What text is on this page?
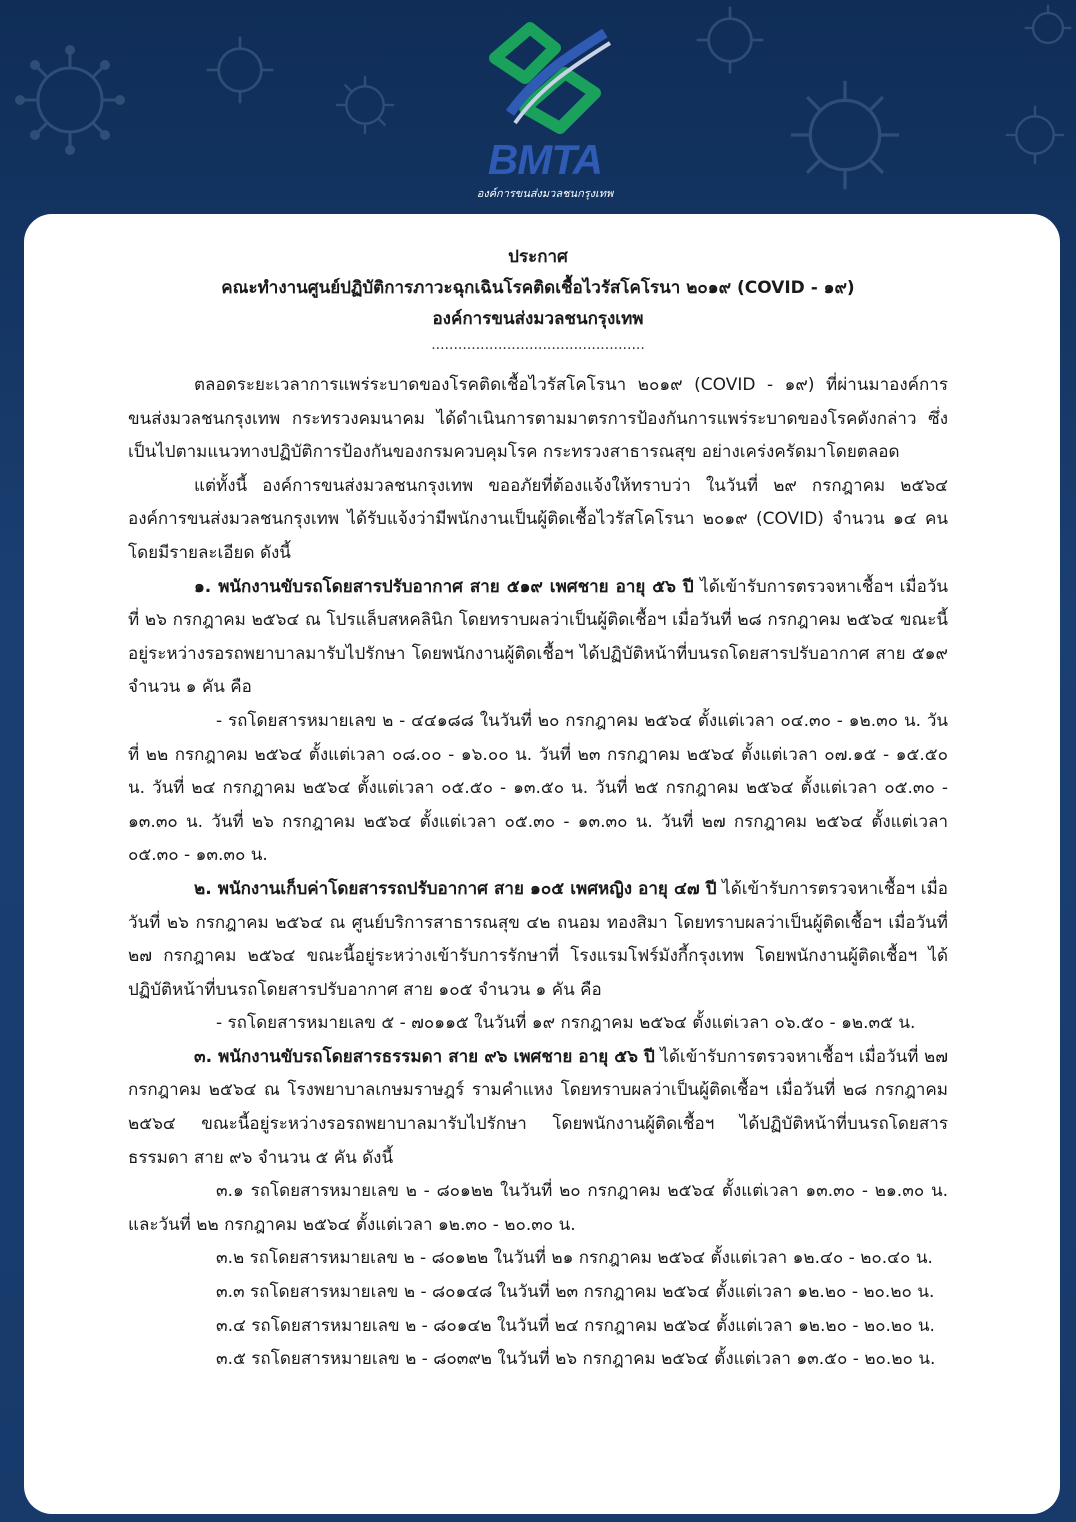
BMTA
องค์การขนส่งมวลชนกรุงเทพ
ประกาศ
คณะทำงานศูนย์ปฏิบัติการภาวะฉุกเฉินโรคติดเชื้อไวรัสโคโรนา ๒๐๑๙ (COVID - ๑๙)
องค์การขนส่งมวลชนกรุงเทพ
................................................

ตลอดระยะเวลาการแพร่ระบาดของโรคติดเชื้อไวรัสโคโรนา ๒๐๑๙ (COVID - ๑๙) ที่ผ่านมาองค์การขนส่งมวลชนกรุงเทพ กระทรวงคมนาคม ได้ดำเนินการตามมาตรการป้องกันการแพร่ระบาดของโรคดังกล่าว ซึ่งเป็นไปตามแนวทางปฏิบัติการป้องกันของกรมควบคุมโรค กระทรวงสาธารณสุข อย่างเคร่งครัดมาโดยตลอด

แต่ทั้งนี้ องค์การขนส่งมวลชนกรุงเทพ ขออภัยที่ต้องแจ้งให้ทราบว่า ในวันที่ ๒๙ กรกฎาคม ๒๕๖๔ องค์การขนส่งมวลชนกรุงเทพ ได้รับแจ้งว่ามีพนักงานเป็นผู้ติดเชื้อไวรัสโคโรนา ๒๐๑๙ (COVID) จำนวน ๑๔ คน โดยมีรายละเอียด ดังนี้

๑. พนักงานขับรถโดยสารปรับอากาศ สาย ๕๑๙ เพศชาย อายุ ๕๖ ปี ได้เข้ารับการตรวจหาเชื้อฯ เมื่อวันที่ ๒๖ กรกฎาคม ๒๕๖๔ ณ โปรแล็บสหคลินิก โดยทราบผลว่าเป็นผู้ติดเชื้อฯ เมื่อวันที่ ๒๘ กรกฎาคม ๒๕๖๔ ขณะนี้อยู่ระหว่างรอรถพยาบาลมารับไปรักษา โดยพนักงานผู้ติดเชื้อฯ ได้ปฏิบัติหน้าที่บนรถโดยสารปรับอากาศ สาย ๕๑๙ จำนวน ๑ คัน คือ

- รถโดยสารหมายเลข ๒ - ๔๔๑๘๘ ในวันที่ ๒๐ กรกฎาคม ๒๕๖๔ ตั้งแต่เวลา ๐๔.๓๐ - ๑๒.๓๐ น. วันที่ ๒๒ กรกฎาคม ๒๕๖๔ ตั้งแต่เวลา ๐๘.๐๐ - ๑๖.๐๐ น. วันที่ ๒๓ กรกฎาคม ๒๕๖๔ ตั้งแต่เวลา ๐๗.๑๕ - ๑๕.๕๐ น. วันที่ ๒๔ กรกฎาคม ๒๕๖๔ ตั้งแต่เวลา ๐๕.๕๐ - ๑๓.๕๐ น. วันที่ ๒๕ กรกฎาคม ๒๕๖๔ ตั้งแต่เวลา ๐๕.๓๐ - ๑๓.๓๐ น. วันที่ ๒๖ กรกฎาคม ๒๕๖๔ ตั้งแต่เวลา ๐๕.๓๐ - ๑๓.๓๐ น. วันที่ ๒๗ กรกฎาคม ๒๕๖๔ ตั้งแต่เวลา ๐๕.๓๐ - ๑๓.๓๐ น.

๒. พนักงานเก็บค่าโดยสารรถปรับอากาศ สาย ๑๐๕ เพศหญิง อายุ ๔๗ ปี ได้เข้ารับการตรวจหาเชื้อฯ เมื่อวันที่ ๒๖ กรกฎาคม ๒๕๖๔ ณ ศูนย์บริการสาธารณสุข ๔๒ ถนอม ทองสิมา โดยทราบผลว่าเป็นผู้ติดเชื้อฯ เมื่อวันที่ ๒๗ กรกฎาคม ๒๕๖๔ ขณะนี้อยู่ระหว่างเข้ารับการรักษาที่ โรงแรมโฟร์มังกี้กรุงเทพ โดยพนักงานผู้ติดเชื้อฯ ได้ปฏิบัติหน้าที่บนรถโดยสารปรับอากาศ สาย ๑๐๕ จำนวน ๑ คัน คือ

- รถโดยสารหมายเลข ๕ - ๗๐๑๑๕ ในวันที่ ๑๙ กรกฎาคม ๒๕๖๔ ตั้งแต่เวลา ๐๖.๕๐ - ๑๒.๓๕ น.

๓. พนักงานขับรถโดยสารธรรมดา สาย ๙๖ เพศชาย อายุ ๕๖ ปี ได้เข้ารับการตรวจหาเชื้อฯ เมื่อวันที่ ๒๗ กรกฎาคม ๒๕๖๔ ณ โรงพยาบาลเกษมราษฎร์ รามคำแหง โดยทราบผลว่าเป็นผู้ติดเชื้อฯ เมื่อวันที่ ๒๘ กรกฎาคม ๒๕๖๔ ขณะนี้อยู่ระหว่างรอรถพยาบาลมารับไปรักษา โดยพนักงานผู้ติดเชื้อฯ ได้ปฏิบัติหน้าที่บนรถโดยสารธรรมดา สาย ๙๖ จำนวน ๕ คัน ดังนี้

๓.๑ รถโดยสารหมายเลข ๒ - ๘๐๑๒๒ ในวันที่ ๒๐ กรกฎาคม ๒๕๖๔ ตั้งแต่เวลา ๑๓.๓๐ - ๒๑.๓๐ น. และวันที่ ๒๒ กรกฎาคม ๒๕๖๔ ตั้งแต่เวลา ๑๒.๓๐ - ๒๐.๓๐ น.

๓.๒ รถโดยสารหมายเลข ๒ - ๘๐๑๒๒ ในวันที่ ๒๑ กรกฎาคม ๒๕๖๔ ตั้งแต่เวลา ๑๒.๔๐ - ๒๐.๔๐ น.

๓.๓ รถโดยสารหมายเลข ๒ - ๘๐๑๔๘ ในวันที่ ๒๓ กรกฎาคม ๒๕๖๔ ตั้งแต่เวลา ๑๒.๒๐ - ๒๐.๒๐ น.

๓.๔ รถโดยสารหมายเลข ๒ - ๘๐๑๔๒ ในวันที่ ๒๔ กรกฎาคม ๒๕๖๔ ตั้งแต่เวลา ๑๒.๒๐ - ๒๐.๒๐ น.

๓.๕ รถโดยสารหมายเลข ๒ - ๘๐๓๙๒ ในวันที่ ๒๖ กรกฎาคม ๒๕๖๔ ตั้งแต่เวลา ๑๓.๕๐ - ๒๐.๒๐ น.
